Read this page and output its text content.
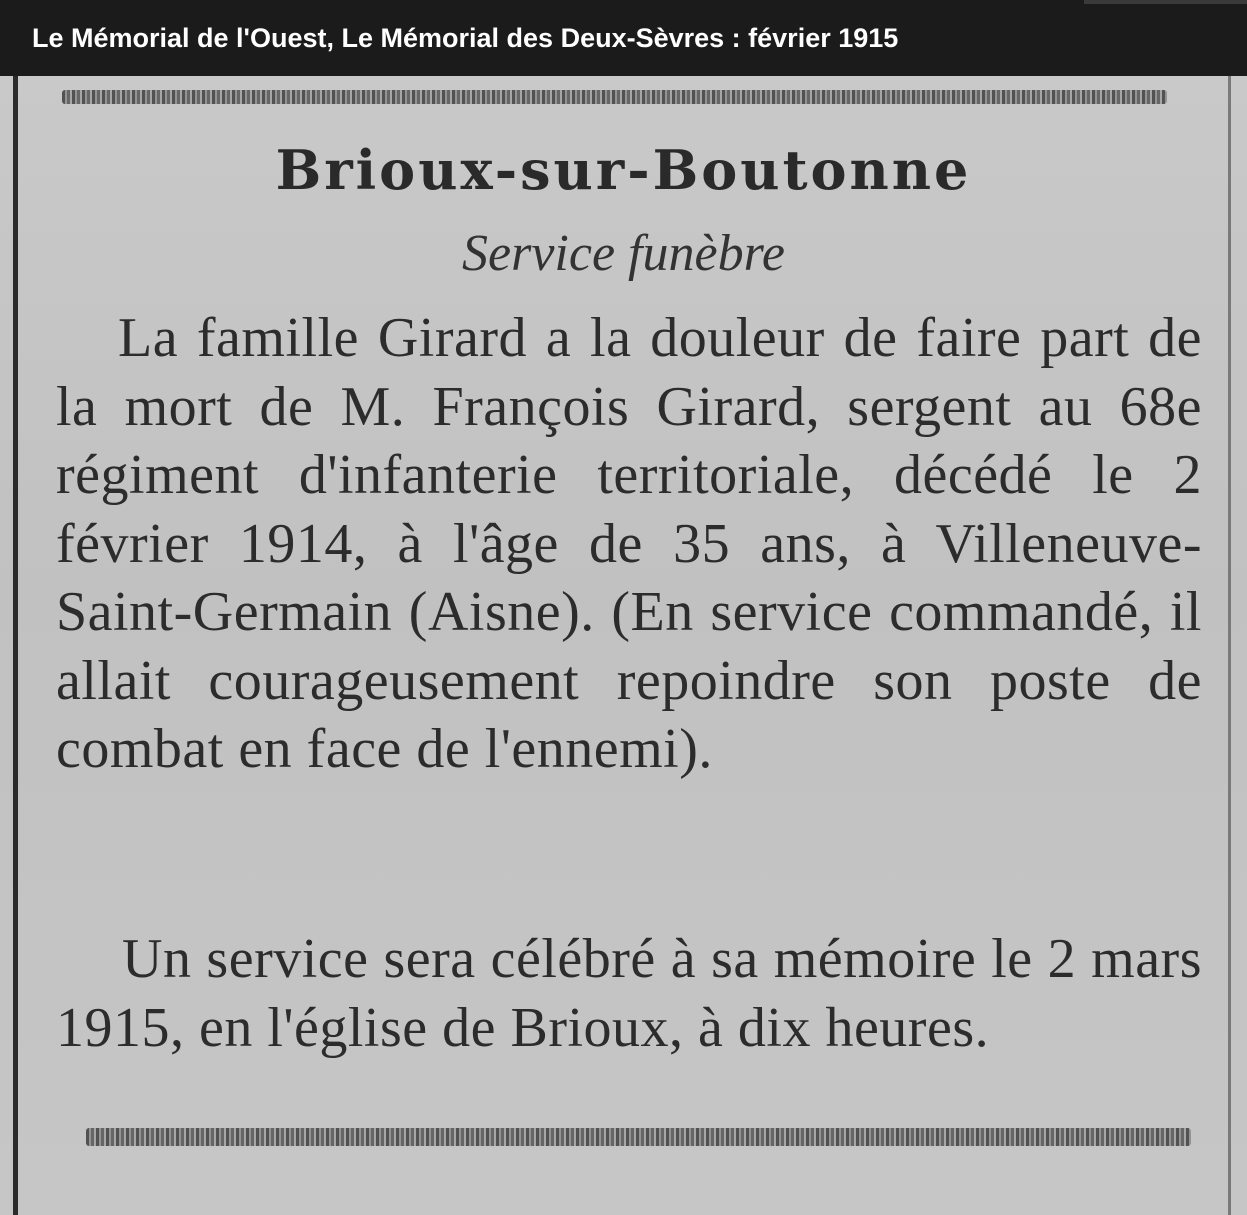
Le Mémorial de l'Ouest, Le Mémorial des Deux-Sèvres : février 1915
Brioux-sur-Boutonne
Service funèbre
La famille Girard a la douleur de faire part de la mort de M. François Girard, sergent au 68e régiment d'infanterie territoriale, décédé le 2 février 1914, à l'âge de 35 ans, à Villeneuve-Saint-Germain (Aisne). (En service commandé, il allait courageusement repoindre son poste de combat en face de l'ennemi).
Un service sera célébré à sa mémoire le 2 mars 1915, en l'église de Brioux, à dix heures.
